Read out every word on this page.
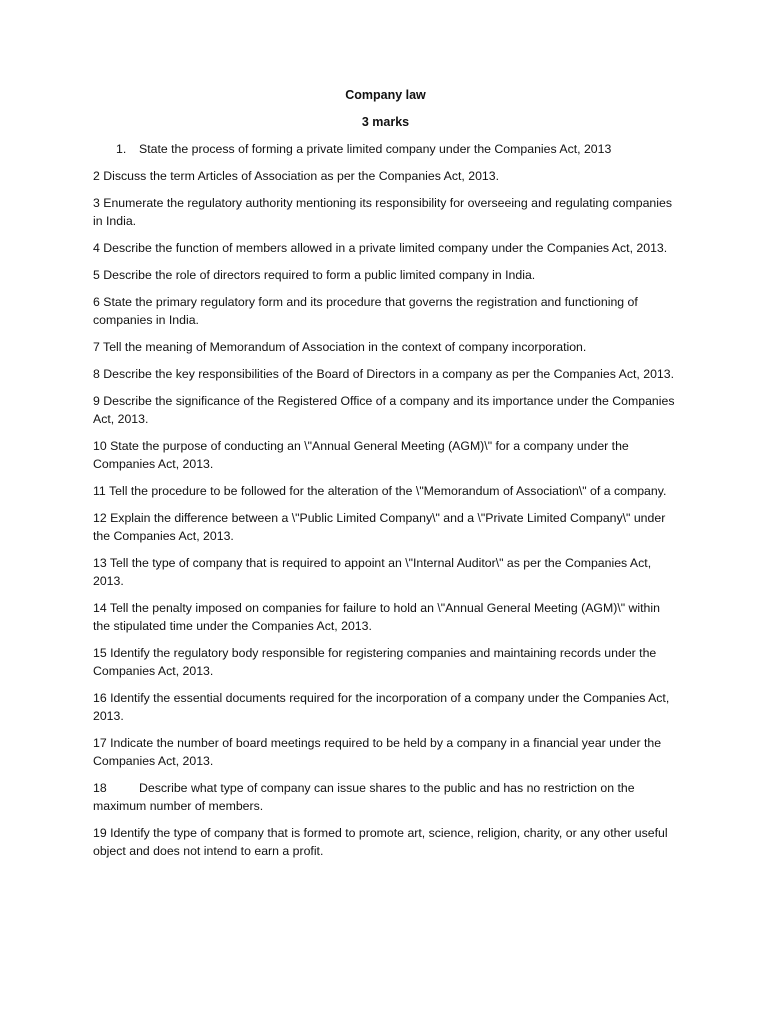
Company law

3 marks

1. State the process of forming a private limited company under the Companies Act, 2013

2 Discuss the term Articles of Association as per the Companies Act, 2013.

3 Enumerate the regulatory authority mentioning its responsibility for overseeing and regulating companies in India.

4 Describe the function of members allowed in a private limited company under the Companies Act, 2013.

5 Describe the role of directors required to form a public limited company in India.

6 State the primary regulatory form and its procedure that governs the registration and functioning of companies in India.

7 Tell the meaning of Memorandum of Association in the context of company incorporation.

8 Describe the key responsibilities of the Board of Directors in a company as per the Companies Act, 2013.

9 Describe the significance of the Registered Office of a company and its importance under the Companies Act, 2013.

10 State the purpose of conducting an \"Annual General Meeting (AGM)\" for a company under the Companies Act, 2013.

11 Tell the procedure to be followed for the alteration of the \"Memorandum of Association\" of a company.

12 Explain the difference between a \"Public Limited Company\" and a \"Private Limited Company\" under the Companies Act, 2013.

13 Tell the type of company that is required to appoint an \"Internal Auditor\" as per the Companies Act, 2013.

14 Tell the penalty imposed on companies for failure to hold an \"Annual General Meeting (AGM)\" within the stipulated time under the Companies Act, 2013.

15 Identify the regulatory body responsible for registering companies and maintaining records under the Companies Act, 2013.

16 Identify the essential documents required for the incorporation of a company under the Companies Act, 2013.

17 Indicate the number of board meetings required to be held by a company in a financial year under the Companies Act, 2013.

18	Describe what type of company can issue shares to the public and has no restriction on the maximum number of members.

19 Identify the type of company that is formed to promote art, science, religion, charity, or any other useful object and does not intend to earn a profit.
